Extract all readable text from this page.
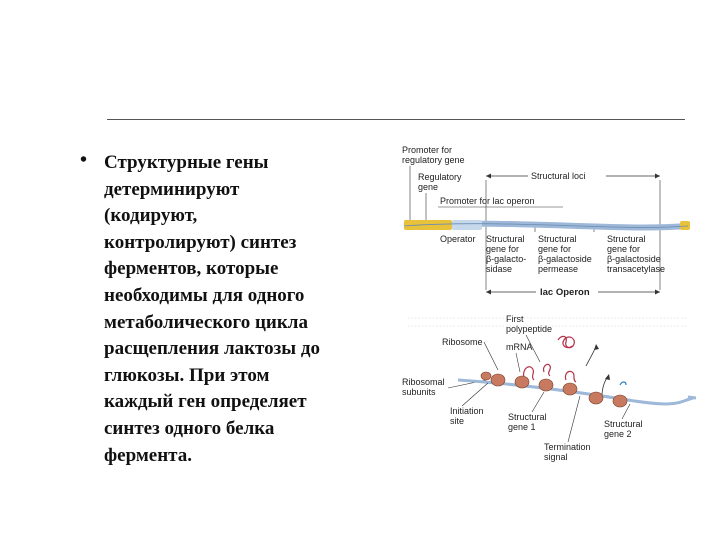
• Структурные гены
детерминируют
(кодируют,
контролируют) синтез
ферментов, которые
необходимы для одного
метаболического цикла
расщепления лактозы до
глюкозы. При этом
каждый ген определяет
синтез одного белка
фермента.
Promoter for
regulatory gene
Regulatory
gene
Structural loci
Promoter for lac operon
Operator Structural
gene for
β-galacto-
sidase
Structural
gene for
β-galactoside
permease
Structural
gene for
β-galactoside
transacetylase
lac Operon
First
polypeptide
Ribosome	mRNA
Ribosomal
subunits
Initiation
site	Structural
gene 1	Structural
gene 2
Termination
signal
